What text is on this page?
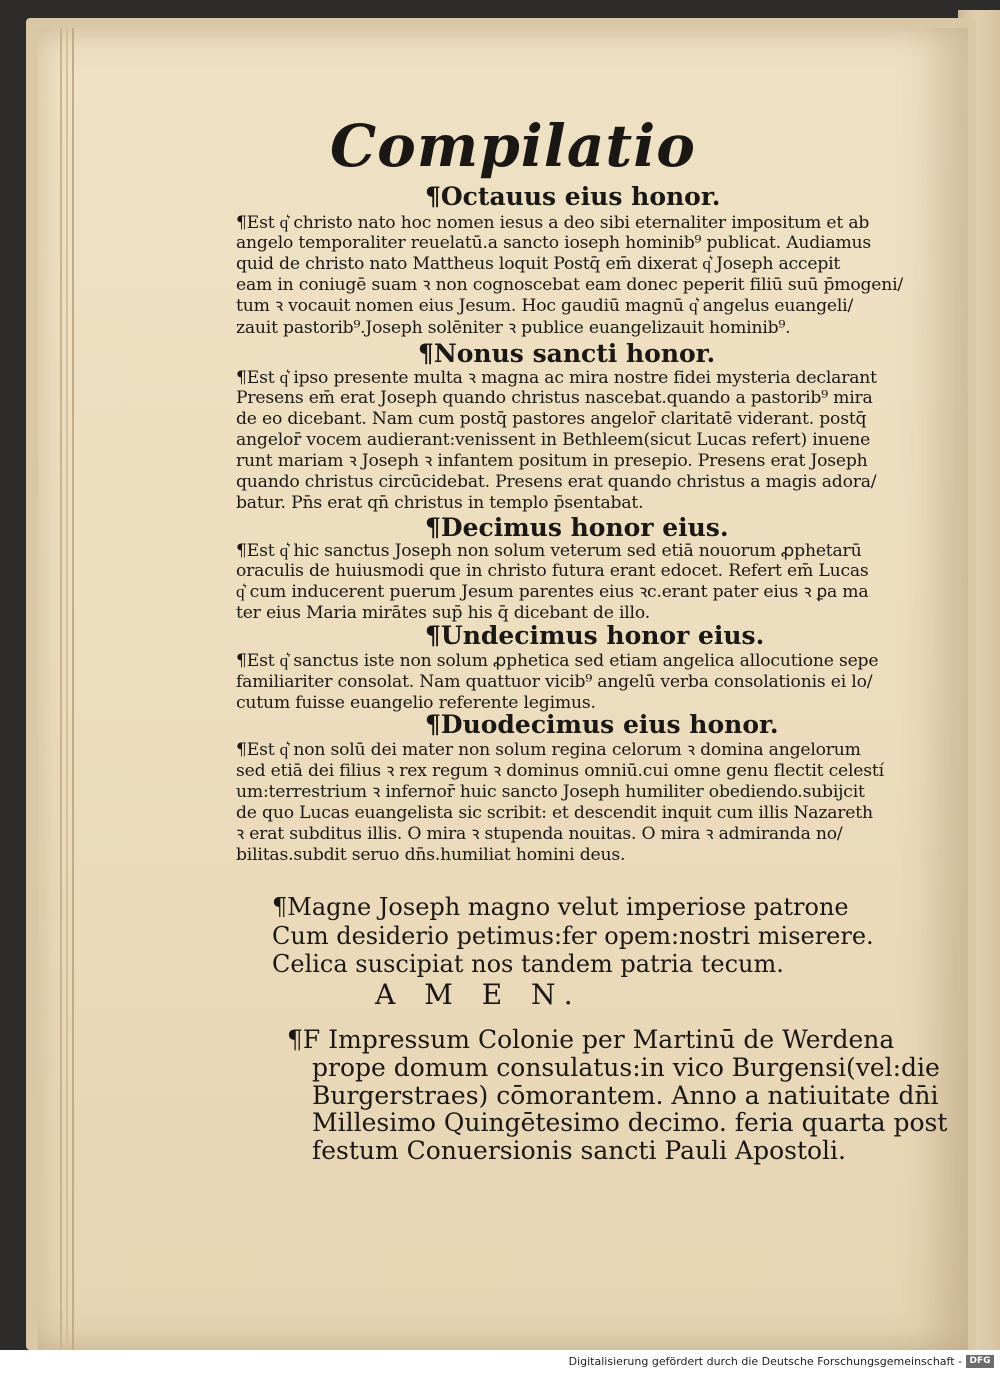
Compilatio
¶Octauus eius honor.
¶Est q͛ christo nato hoc nomen iesus a deo sibi eternaliter impositum et ab
angelo temporaliter reuelatū.a sancto ioseph hominib⁹ publicat. Audiamus
quid de christo nato Mattheus loquit Postq̄ em̄ dixerat q͛ Joseph accepit
eam in coniugē suam ꝛ non cognoscebat eam donec peperit filiū suū p̄mogeni/
tum ꝛ vocauit nomen eius Jesum. Hoc gaudiū magnū q͛ angelus euangeli/
zauit pastorib⁹.Joseph solēniter ꝛ publice euangelizauit hominib⁹.
¶Nonus sancti honor.
¶Est q͛ ipso presente multa ꝛ magna ac mira nostre fidei mysteria declarant
Presens em̄ erat Joseph quando christus nascebat.quando a pastorib⁹ mira
de eo dicebant. Nam cum postq̄ pastores angelor̄ claritatē viderant. postq̄
angelor̄ vocem audierant:venissent in Bethleem(sicut Lucas refert) inuene
runt mariam ꝛ Joseph ꝛ infantem positum in presepio. Presens erat Joseph
quando christus circūcidebat. Presens erat quando christus a magis adora/
batur. Pn̄s erat qn̄ christus in templo p̄sentabat.
¶Decimus honor eius.
¶Est q͛ hic sanctus Joseph non solum veterum sed etiā nouorum ꝓphetarū
oraculis de huiusmodi que in christo futura erant edocet. Refert em̄ Lucas
q͛ cum inducerent puerum Jesum parentes eius ꝛc.erant pater eius ꝛ ꝑa ma
ter eius Maria mirātes sup̄ his q̄ dicebant de illo.
¶Undecimus honor eius.
¶Est q͛ sanctus iste non solum ꝓphetica sed etiam angelica allocutione sepe
familiariter consolat. Nam quattuor vicib⁹ angelū verba consolationis ei lo/
cutum fuisse euangelio referente legimus.
¶Duodecimus eius honor.
¶Est q͛ non solū dei mater non solum regina celorum ꝛ domina angelorum
sed etiā dei filius ꝛ rex regum ꝛ dominus omniū.cui omne genu flectit celestí
um:terrestrium ꝛ infernor̄ huic sancto Joseph humiliter obediendo.subijcit
de quo Lucas euangelista sic scribit: et descendit inquit cum illis Nazareth
ꝛ erat subditus illis. O mira ꝛ stupenda nouitas. O mira ꝛ admiranda no/
bilitas.subdit seruo dn̄s.humiliat homini deus.
¶Magne Joseph magno velut imperiose patrone
Cum desiderio petimus:fer opem:nostri miserere.
Celica suscipiat nos tandem patria tecum.
A M E N.
¶F Impressum Colonie per Martinū de Werdena
prope domum consulatus:in vico Burgensi(vel:die
Burgerstraes) cōmorantem. Anno a natiuitate dn̄i
Millesimo Quingētesimo decimo. feria quarta post
festum Conuersionis sancti Pauli Apostoli.
Digitalisierung gefördert durch die Deutsche Forschungsgemeinschaft - DFG
